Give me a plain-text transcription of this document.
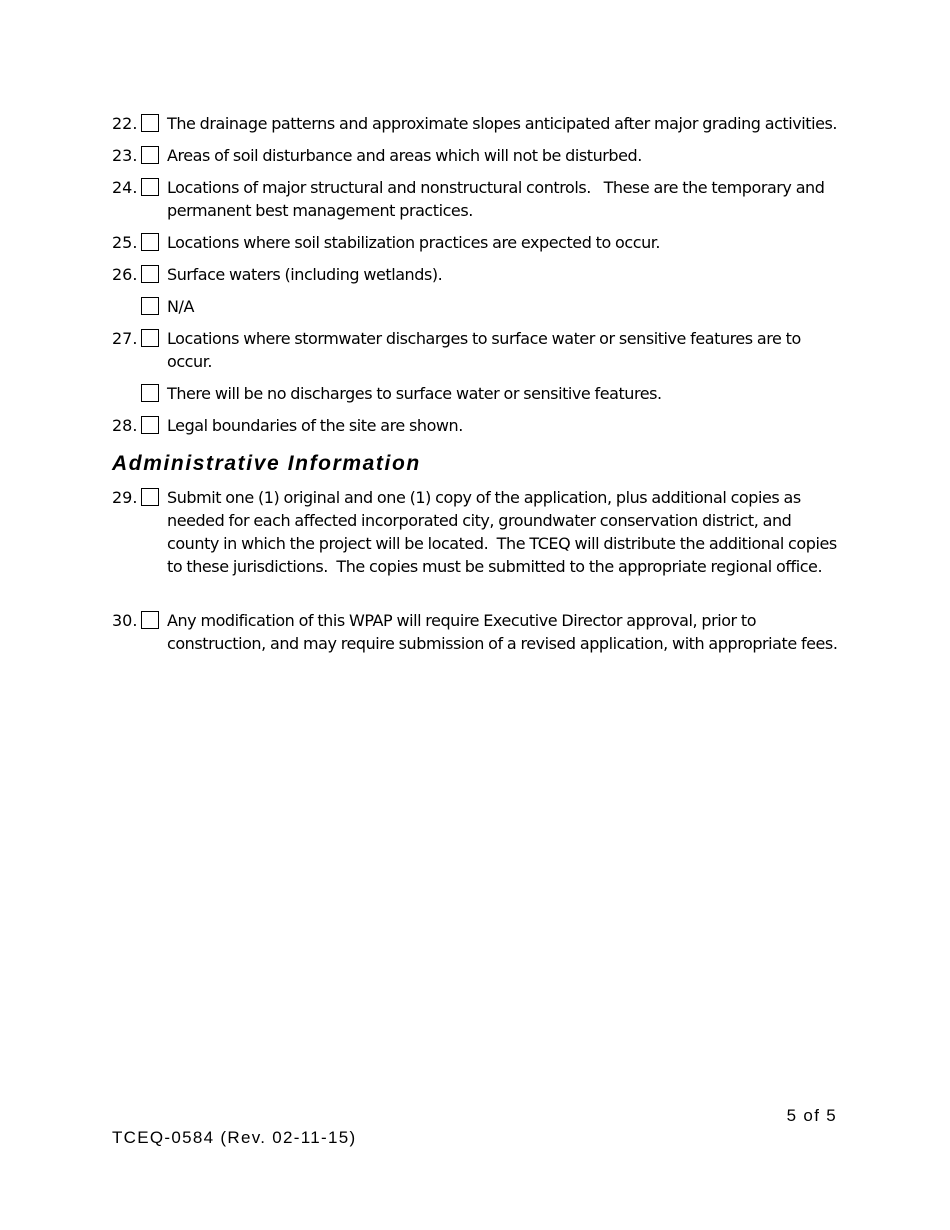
22. The drainage patterns and approximate slopes anticipated after major grading activities.
23. Areas of soil disturbance and areas which will not be disturbed.
24. Locations of major structural and nonstructural controls.   These are the temporary and permanent best management practices.
25. Locations where soil stabilization practices are expected to occur.
26. Surface waters (including wetlands).
N/A
27. Locations where stormwater discharges to surface water or sensitive features are to occur.
There will be no discharges to surface water or sensitive features.
28. Legal boundaries of the site are shown.
Administrative Information
29. Submit one (1) original and one (1) copy of the application, plus additional copies as needed for each affected incorporated city, groundwater conservation district, and county in which the project will be located.  The TCEQ will distribute the additional copies to these jurisdictions.  The copies must be submitted to the appropriate regional office.
30. Any modification of this WPAP will require Executive Director approval, prior to construction, and may require submission of a revised application, with appropriate fees.
5 of 5
TCEQ-0584 (Rev. 02-11-15)
